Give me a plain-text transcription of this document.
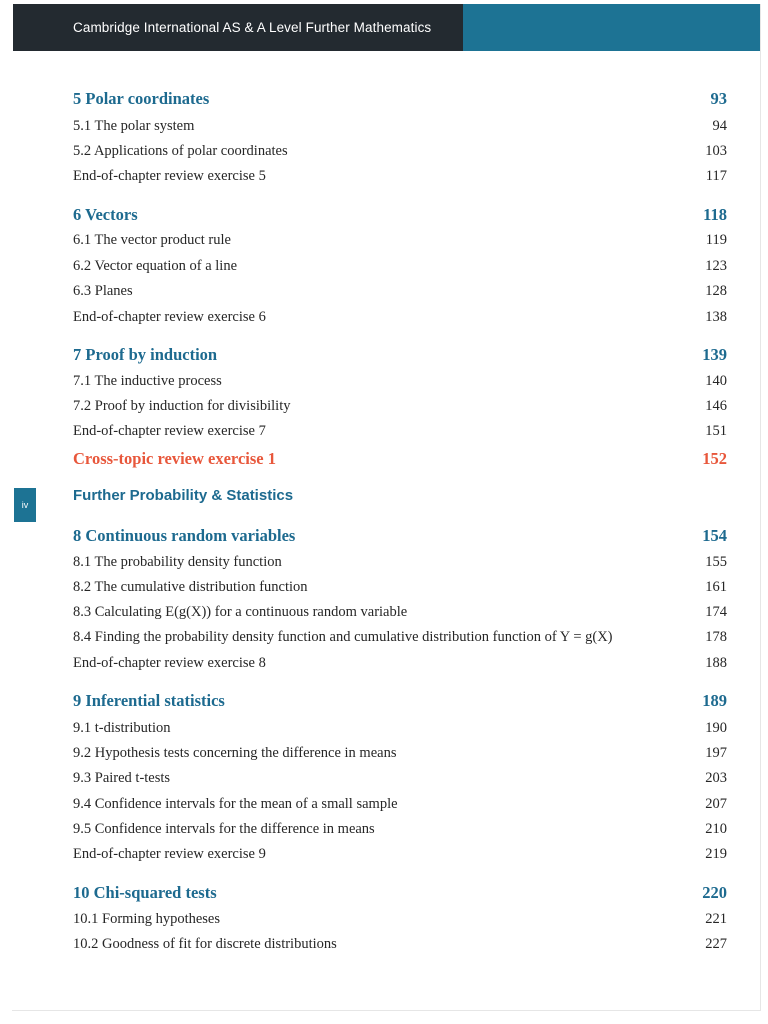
Cambridge International AS & A Level Further Mathematics
iv
5 Polar coordinates	93
5.1 The polar system	94
5.2 Applications of polar coordinates	103
End-of-chapter review exercise 5	117
6 Vectors	118
6.1 The vector product rule	119
6.2 Vector equation of a line	123
6.3 Planes	128
End-of-chapter review exercise 6	138
7 Proof by induction	139
7.1 The inductive process	140
7.2 Proof by induction for divisibility	146
End-of-chapter review exercise 7	151
Cross-topic review exercise 1	152
Further Probability & Statistics
8 Continuous random variables	154
8.1 The probability density function	155
8.2 The cumulative distribution function	161
8.3 Calculating E(g(X)) for a continuous random variable	174
8.4 Finding the probability density function and cumulative distribution function of Y = g(X)	178
End-of-chapter review exercise 8	188
9 Inferential statistics	189
9.1 t-distribution	190
9.2 Hypothesis tests concerning the difference in means	197
9.3 Paired t-tests	203
9.4 Confidence intervals for the mean of a small sample	207
9.5 Confidence intervals for the difference in means	210
End-of-chapter review exercise 9	219
10 Chi-squared tests	220
10.1 Forming hypotheses	221
10.2 Goodness of fit for discrete distributions	227
